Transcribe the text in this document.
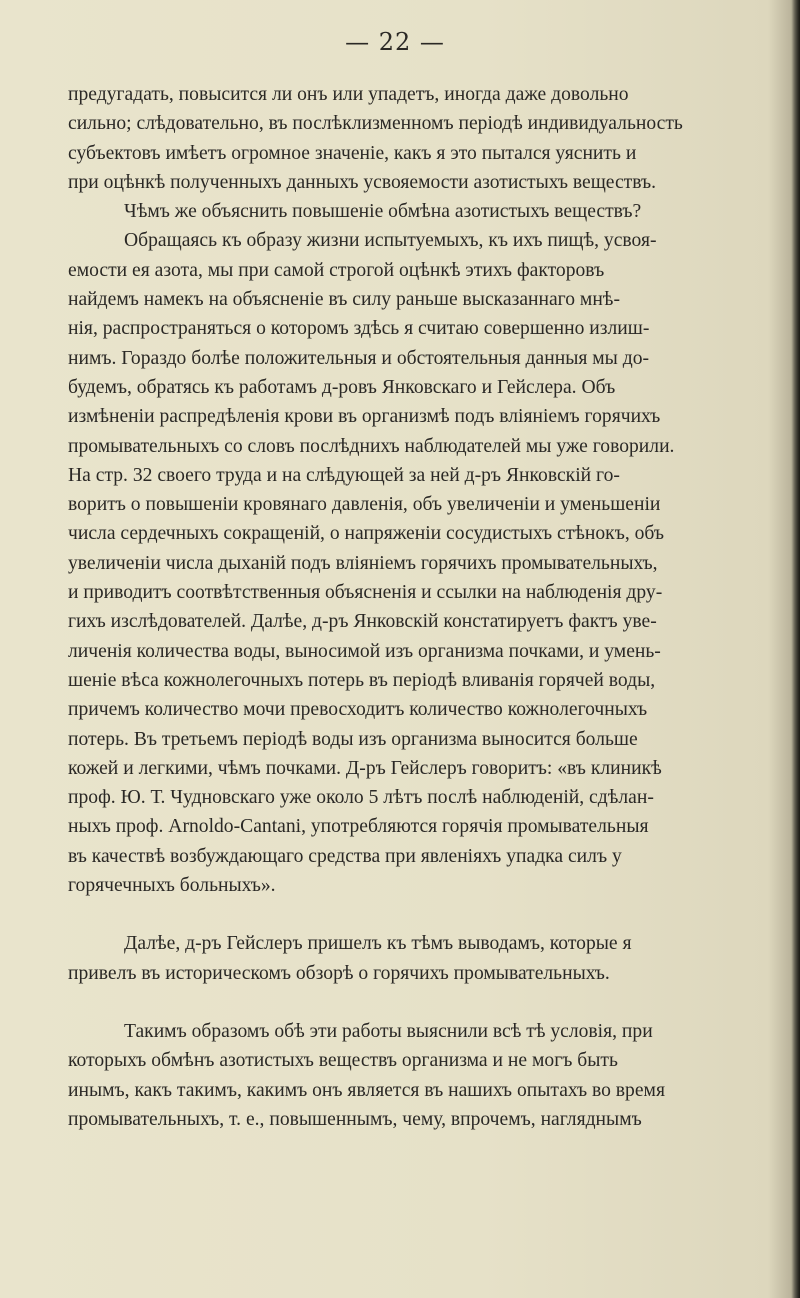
— 22 —
предугадать, повысится ли онъ или упадетъ, иногда даже довольно
сильно; слѣдовательно, въ послѣклизменномъ періодѣ индивидуальность
субъектовъ имѣетъ огромное значеніе, какъ я это пытался уяснить и
при оцѣнкѣ полученныхъ данныхъ усвояемости азотистыхъ веществъ.
Чѣмъ же объяснить повышеніе обмѣна азотистыхъ веществъ?
Обращаясь къ образу жизни испытуемыхъ, къ ихъ пищѣ, усвоя-
емости ея азота, мы при самой строгой оцѣнкѣ этихъ факторовъ
найдемъ намекъ на объясненіе въ силу раньше высказаннаго мнѣ-
нія, распространяться о которомъ здѣсь я считаю совершенно излиш-
нимъ. Гораздо болѣе положительныя и обстоятельныя данныя мы до-
будемъ, обратясь къ работамъ д-ровъ Янковскаго и Гейслера. Объ
измѣненіи распредѣленія крови въ организмѣ подъ вліяніемъ горячихъ
промывательныхъ со словъ послѣднихъ наблюдателей мы уже говорили.
На стр. 32 своего труда и на слѣдующей за ней д-ръ Янковскій го-
воритъ о повышеніи кровянаго давленія, объ увеличеніи и уменьшеніи
числа сердечныхъ сокращеній, о напряженіи сосудистыхъ стѣнокъ, объ
увеличеніи числа дыханій подъ вліяніемъ горячихъ промывательныхъ,
и приводитъ соотвѣтственныя объясненія и ссылки на наблюденія дру-
гихъ изслѣдователей. Далѣе, д-ръ Янковскій констатируетъ фактъ уве-
личенія количества воды, выносимой изъ организма почками, и умень-
шеніе вѣса кожнолегочныхъ потерь въ періодѣ вливанія горячей воды,
причемъ количество мочи превосходитъ количество кожнолегочныхъ
потерь. Въ третьемъ періодѣ воды изъ организма выносится больше
кожей и легкими, чѣмъ почками. Д-ръ Гейслеръ говоритъ: «въ клиникѣ
проф. Ю. Т. Чудновскаго уже около 5 лѣтъ послѣ наблюденій, сдѣлан-
ныхъ проф. Arnoldo-Cantani, употребляются горячія промывательныя
въ качествѣ возбуждающаго средства при явленіяхъ упадка силъ у
горячечныхъ больныхъ».
Далѣе, д-ръ Гейслеръ пришелъ къ тѣмъ выводамъ, которые я
привелъ въ историческомъ обзорѣ о горячихъ промывательныхъ.
Такимъ образомъ обѣ эти работы выяснили всѣ тѣ условія, при
которыхъ обмѣнъ азотистыхъ веществъ организма и не могъ быть
инымъ, какъ такимъ, какимъ онъ является въ нашихъ опытахъ во время
промывательныхъ, т. е., повышеннымъ, чему, впрочемъ, нагляднымъ
